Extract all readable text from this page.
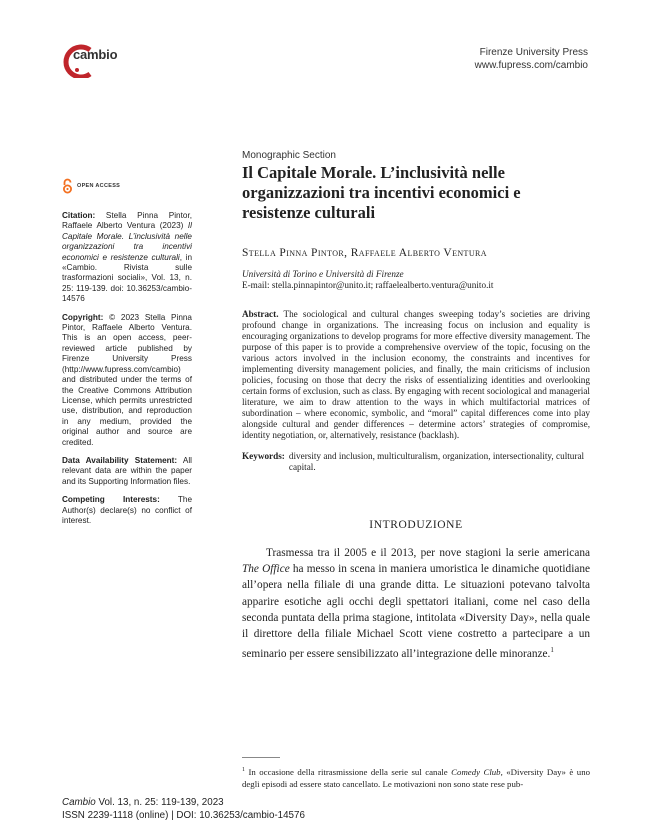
cambio	Firenze University Press
www.fupress.com/cambio
OPEN ACCESS
Citation: Stella Pinna Pintor, Raffaele Alberto Ventura (2023) Il Capitale Morale. L’inclusività nelle organizzazioni tra incentivi economici e resistenze culturali, in «Cambio. Rivista sulle trasformazioni sociali», Vol. 13, n. 25: 119-139. doi: 10.36253/cambio-14576
Copyright: © 2023 Stella Pinna Pintor, Raffaele Alberto Ventura. This is an open access, peer-reviewed article published by Firenze University Press (http://www.fupress.com/cambio) and distributed under the terms of the Creative Commons Attribution License, which permits unrestricted use, distribution, and reproduction in any medium, provided the original author and source are credited.
Data Availability Statement: All relevant data are within the paper and its Supporting Information files.
Competing Interests: The Author(s) declare(s) no conflict of interest.
Monographic Section
Il Capitale Morale. L’inclusività nelle organizzazioni tra incentivi economici e resistenze culturali
Stella Pinna Pintor, Raffaele Alberto Ventura
Università di Torino e Università di Firenze
E-mail: stella.pinnapintor@unito.it; raffaelealberto.ventura@unito.it
Abstract. The sociological and cultural changes sweeping today’s societies are driving profound change in organizations. The increasing focus on inclusion and equality is encouraging organizations to develop programs for more effective diversity management. The purpose of this paper is to provide a comprehensive overview of the topic, focusing on the various actors involved in the inclusion economy, the constraints and incentives for implementing diversity management policies, and finally, the main criticisms of inclusion policies, focusing on those that decry the risks of essentializing identities and overlooking certain forms of exclusion, such as class. By engaging with recent sociological and managerial literature, we aim to draw attention to the ways in which multifactorial matrices of subordination – where economic, symbolic, and “moral” capital differences come into play alongside cultural and gender differences – determine actors’ strategies of compromise, identity negotiation, or, alternatively, resistance (backlash).
Keywords: diversity and inclusion, multiculturalism, organization, intersectionality, cultural capital.
INTRODUZIONE

Trasmessa tra il 2005 e il 2013, per nove stagioni la serie americana The Office ha messo in scena in maniera umoristica le dinamiche quotidiane all’opera nella filiale di una grande ditta. Le situazioni potevano talvolta apparire esotiche agli occhi degli spettatori italiani, come nel caso della seconda puntata della prima stagione, intitolata «Diversity Day», nella quale il direttore della filiale Michael Scott viene costretto a partecipare a un seminario per essere sensibilizzato all’integrazione delle minoranze.$^1$

$^1$ In occasione della ritrasmissione della serie sul canale Comedy Club, «Diversity Day» è uno degli episodi ad essere stato cancellato. Le motivazioni non sono state rese pub-
Cambio Vol. 13, n. 25: 119-139, 2023
ISSN 2239-1118 (online) | DOI: 10.36253/cambio-14576
